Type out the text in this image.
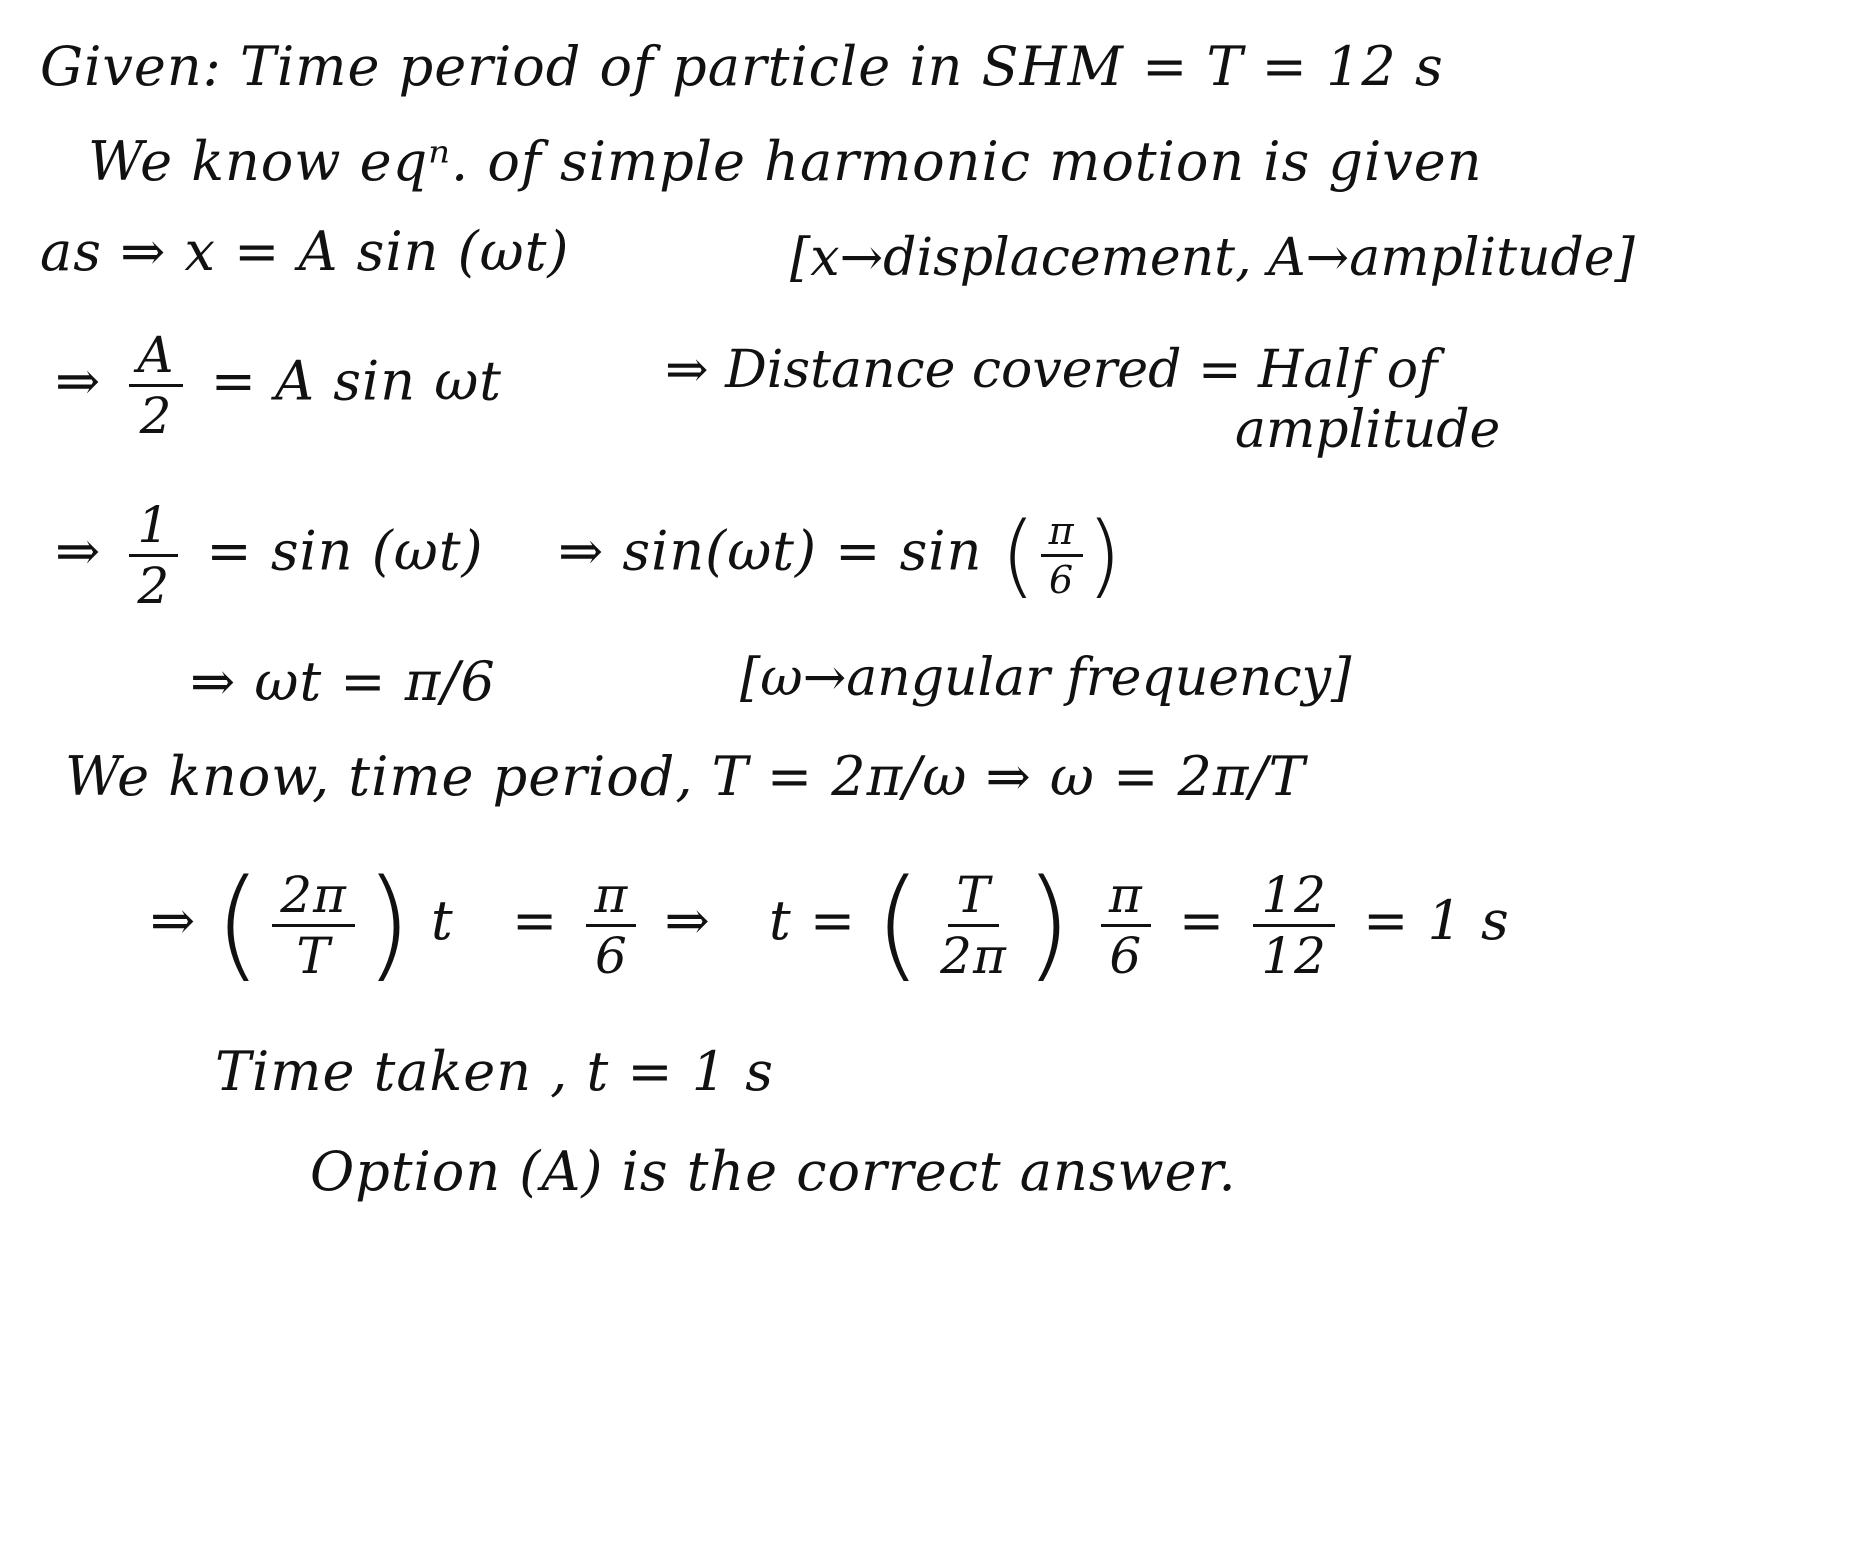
Given: Time period of particle in SHM = T = 12 s
We know eqⁿ. of simple harmonic motion is given
as ⇒ x = A sin (ωt)	[x→displacement, A→amplitude]
⇒ $\frac{A}{2} = A$ sin ωt	⇒ Distance covered = Half of
amplitude
⇒ $\frac{1}{2} = \sin (\omega t)$ ⇒ sin(ωt) = sin ( $\frac{\pi}{6}$ )
⇒ ωt = π/6	[ω→angular frequency]
We know, time period, T = 2π/ω ⇒ ω = 2π/T
⇒ ( $\frac{2\pi}{T}$ ) $t = \frac{\pi}{6}$ ⇒ t = ( $\frac{T}{2\pi}$ )
$\frac{\pi}{6} = \frac{12}{12} = 1$ s
Time taken , t = 1 s
Option (A) is the correct answer.
